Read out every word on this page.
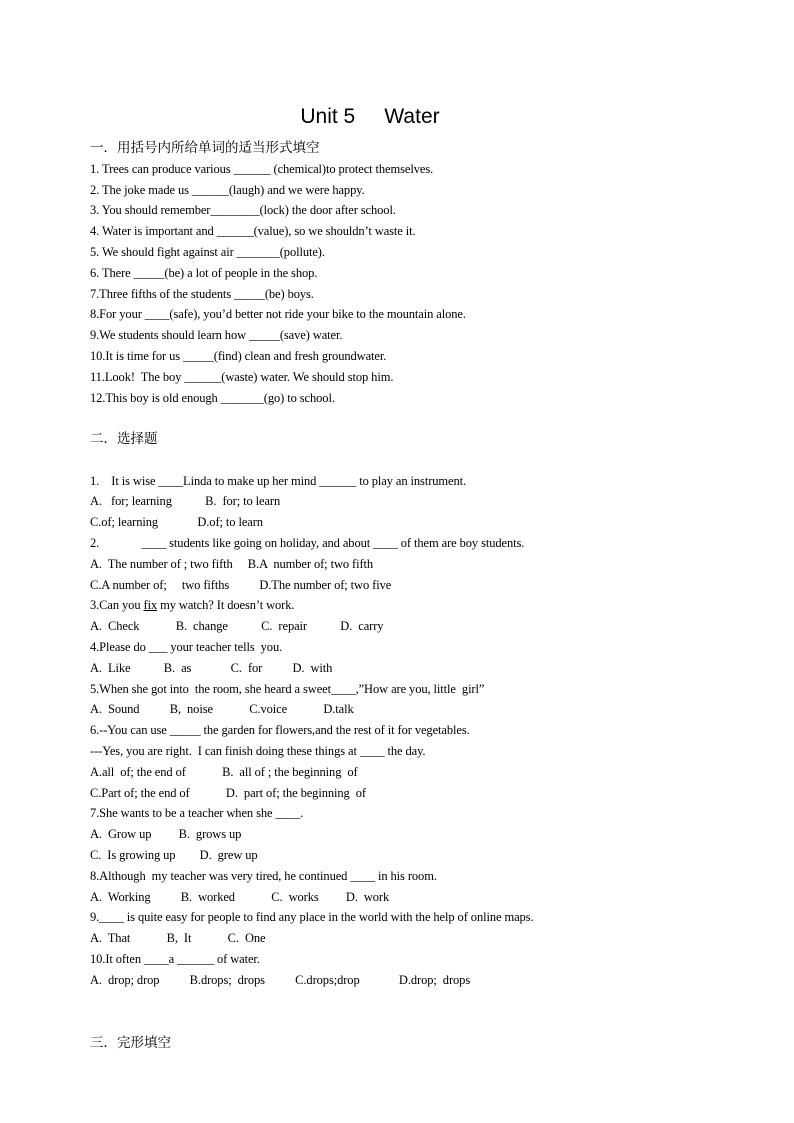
Unit 5     Water
一．用括号内所给单词的适当形式填空
1. Trees can produce various ______ (chemical)to protect themselves.
2. The joke made us ______(laugh) and we were happy.
3. You should remember________(lock) the door after school.
4. Water is important and ______(value), so we shouldn’t waste it.
5. We should fight against air _______(pollute).
6. There _____(be) a lot of people in the shop.
7.Three fifths of the students _____(be) boys.
8.For your ____(safe), you’d better not ride your bike to the mountain alone.
9.We students should learn how _____(save) water.
10.It is time for us _____(find) clean and fresh groundwater.
11.Look!  The boy ______(waste) water. We should stop him.
12.This boy is old enough _______(go) to school.
二．选择题
1.    It is wise ____Linda to make up her mind ______ to play an instrument.
A.   for; learning           B.  for; to learn
C.of; learning             D.of; to learn
2.              ____ students like going on holiday, and about ____ of them are boy students.
A.  The number of ; two fifth     B.A  number of; two fifth
C.A number of;     two fifths          D.The number of; two five
3.Can you fix my watch? It doesn’t work.
A.  Check            B.  change           C.  repair           D.  carry
4.Please do ___ your teacher tells  you.
A.  Like           B.  as             C.  for          D.  with
5.When she got into  the room, she heard a sweet____,”How are you, little  girl”
A.  Sound          B,  noise            C.voice            D.talk
6.--You can use _____ the garden for flowers,and the rest of it for vegetables.
---Yes, you are right.  I can finish doing these things at ____ the day.
A.all  of; the end of            B.  all of ; the beginning  of
C.Part of; the end of            D.  part of; the beginning  of
7.She wants to be a teacher when she ____.
A.  Grow up         B.  grows up
C.  Is growing up        D.  grew up
8.Although  my teacher was very tired, he continued ____ in his room.
A.  Working          B.  worked            C.  works         D.  work
9.____ is quite easy for people to find any place in the world with the help of online maps.
A.  That            B,  It            C.  One
10.It often ____a ______ of water.
A.  drop; drop          B.drops;  drops          C.drops;drop             D.drop;  drops
三．完形填空
